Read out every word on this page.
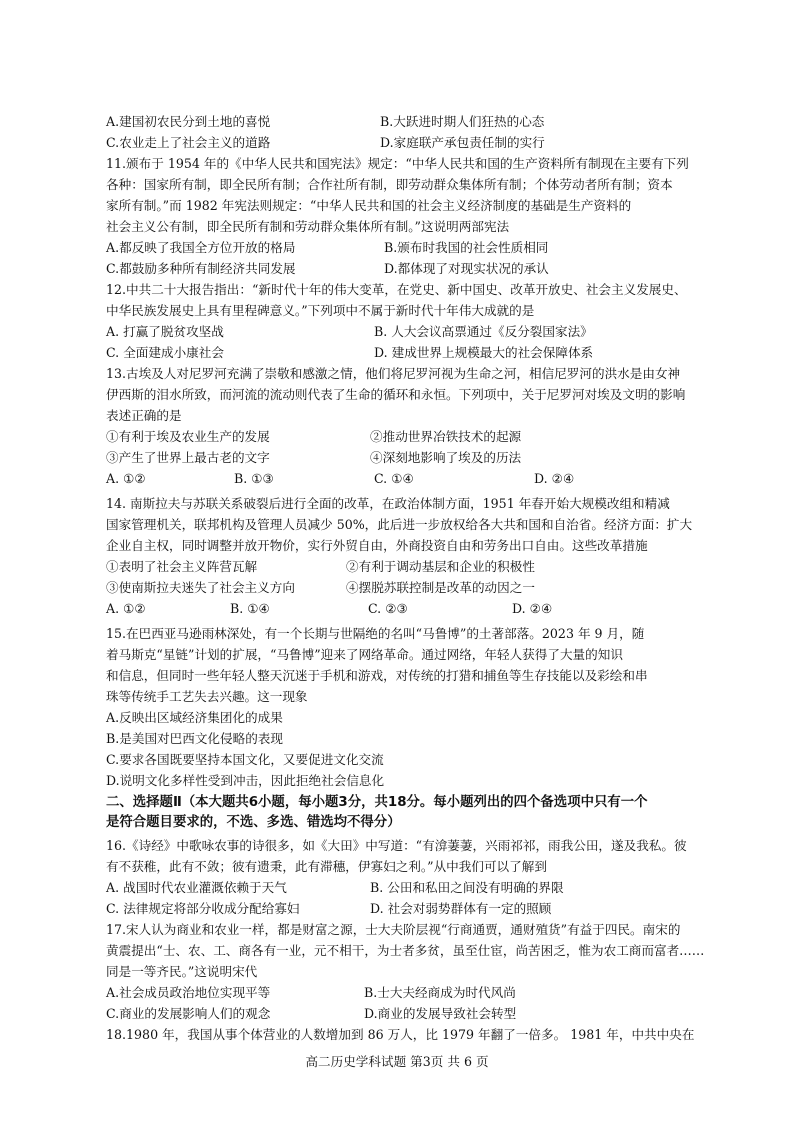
A.建国初农民分到土地的喜悦	B.大跃进时期人们狂热的心态
C.农业走上了社会主义的道路	D.家庭联产承包责任制的实行
11.颁布于 1954 年的《中华人民共和国宪法》规定：“中华人民共和国的生产资料所有制现在主要有下列
各种：国家所有制，即全民所有制；合作社所有制，即劳动群众集体所有制；个体劳动者所有制；资本
家所有制。”而 1982 年宪法则规定：“中华人民共和国的社会主义经济制度的基础是生产资料的
社会主义公有制，即全民所有制和劳动群众集体所有制。”这说明两部宪法
A.都反映了我国全方位开放的格局	B.颁布时我国的社会性质相同
C.都鼓励多种所有制经济共同发展	D.都体现了对现实状况的承认
12.中共二十大报告指出：“新时代十年的伟大变革，在党史、新中国史、改革开放史、社会主义发展史、
中华民族发展史上具有里程碑意义。”下列项中不属于新时代十年伟大成就的是
A. 打赢了脱贫攻坚战	B. 人大会议高票通过《反分裂国家法》
C. 全面建成小康社会	D. 建成世界上规模最大的社会保障体系
13.古埃及人对尼罗河充满了崇敬和感激之情，他们将尼罗河视为生命之河，相信尼罗河的洪水是由女神
伊西斯的泪水所致，而河流的流动则代表了生命的循环和永恒。下列项中，关于尼罗河对埃及文明的影响
表述正确的是
①有利于埃及农业生产的发展	②推动世界冶铁技术的起源
③产生了世界上最古老的文字	④深刻地影响了埃及的历法
A. ①②	B. ①③	C. ①④	D. ②④
14. 南斯拉夫与苏联关系破裂后进行全面的改革，在政治体制方面，1951 年春开始大规模改组和精减
国家管理机关，联邦机构及管理人员减少 50%，此后进一步放权给各大共和国和自治省。经济方面：扩大
企业自主权，同时调整并放开物价，实行外贸自由，外商投资自由和劳务出口自由。这些改革措施
①表明了社会主义阵营瓦解	②有利于调动基层和企业的积极性
③使南斯拉夫迷失了社会主义方向	④摆脱苏联控制是改革的动因之一
A. ①②	B. ①④	C. ②③	D. ②④
15.在巴西亚马逊雨林深处，有一个长期与世隔绝的名叫“马鲁博”的土著部落。2023 年 9 月，随
着马斯克“星链”计划的扩展，“马鲁博”迎来了网络革命。通过网络，年轻人获得了大量的知识
和信息，但同时一些年轻人整天沉迷于手机和游戏，对传统的打猎和捕鱼等生存技能以及彩绘和串
珠等传统手工艺失去兴趣。这一现象
A.反映出区域经济集团化的成果
B.是美国对巴西文化侵略的表现
C.要求各国既要坚持本国文化，又要促进文化交流
D.说明文化多样性受到冲击，因此拒绝社会信息化
二、选择题Ⅱ（本大题共6小题，每小题3分，共18分。每小题列出的四个备选项中只有一个
是符合题目要求的，不选、多选、错选均不得分）
16.《诗经》中歌咏农事的诗很多，如《大田》中写道：“有渰萋萋，兴雨祁祁，雨我公田，遂及我私。彼
有不获稚，此有不敛；彼有遗秉，此有滞穗，伊寡妇之利。”从中我们可以了解到
A. 战国时代农业灌溉依赖于天气	B. 公田和私田之间没有明确的界限
C. 法律规定将部分收成分配给寡妇	D. 社会对弱势群体有一定的照顾
17.宋人认为商业和农业一样，都是财富之源，士大夫阶层视“行商通贾，通财殖货”有益于四民。南宋的
黄震提出“士、农、工、商各有一业，元不相干，为士者多贫，虽至仕宦，尚苦困乏，惟为农工商而富者……
同是一等齐民。”这说明宋代
A.社会成员政治地位实现平等	B.士大夫经商成为时代风尚
C.商业的发展影响人们的观念	D.商业的发展导致社会转型
18.1980 年，我国从事个体营业的人数增加到 86 万人，比 1979 年翻了一倍多。 1981 年，中共中央在
高二历史学科试题 第3页 共 6 页
